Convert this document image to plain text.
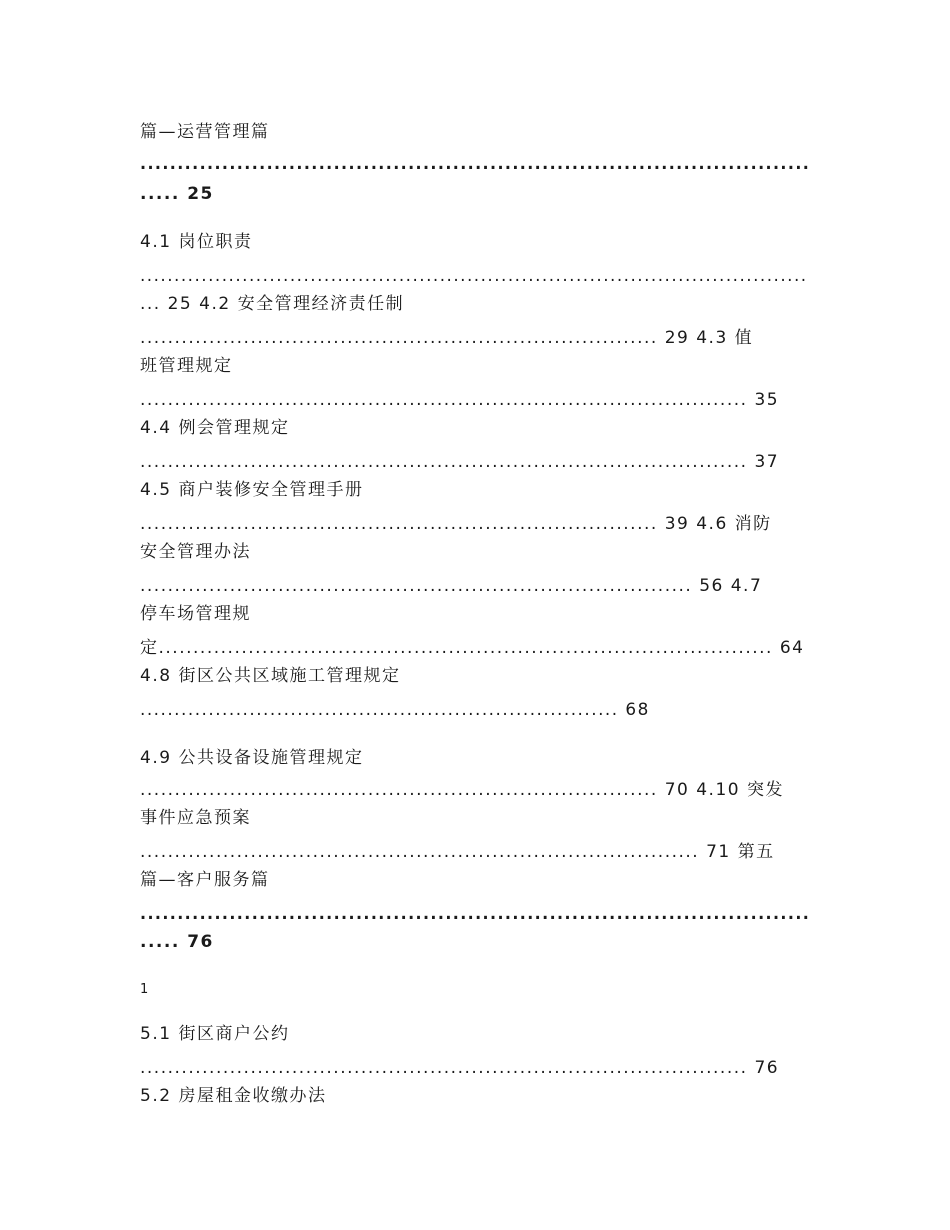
篇—运营管理篇
..........................................................................................
..... 25
4.1 岗位职责
..................................................................................................
... 25 4.2 安全管理经济责任制
........................................................................... 29 4.3 值
班管理规定
........................................................................................ 35
4.4 例会管理规定
........................................................................................ 37
4.5 商户装修安全管理手册
........................................................................... 39 4.6 消防
安全管理办法
................................................................................ 56 4.7
停车场管理规
定......................................................................................... 64
4.8 街区公共区域施工管理规定
...................................................................... 68
4.9 公共设备设施管理规定
........................................................................... 70 4.10 突发
事件应急预案
................................................................................. 71 第五
篇—客户服务篇
..........................................................................................
..... 76
1
5.1 街区商户公约
........................................................................................ 76
5.2 房屋租金收缴办法
